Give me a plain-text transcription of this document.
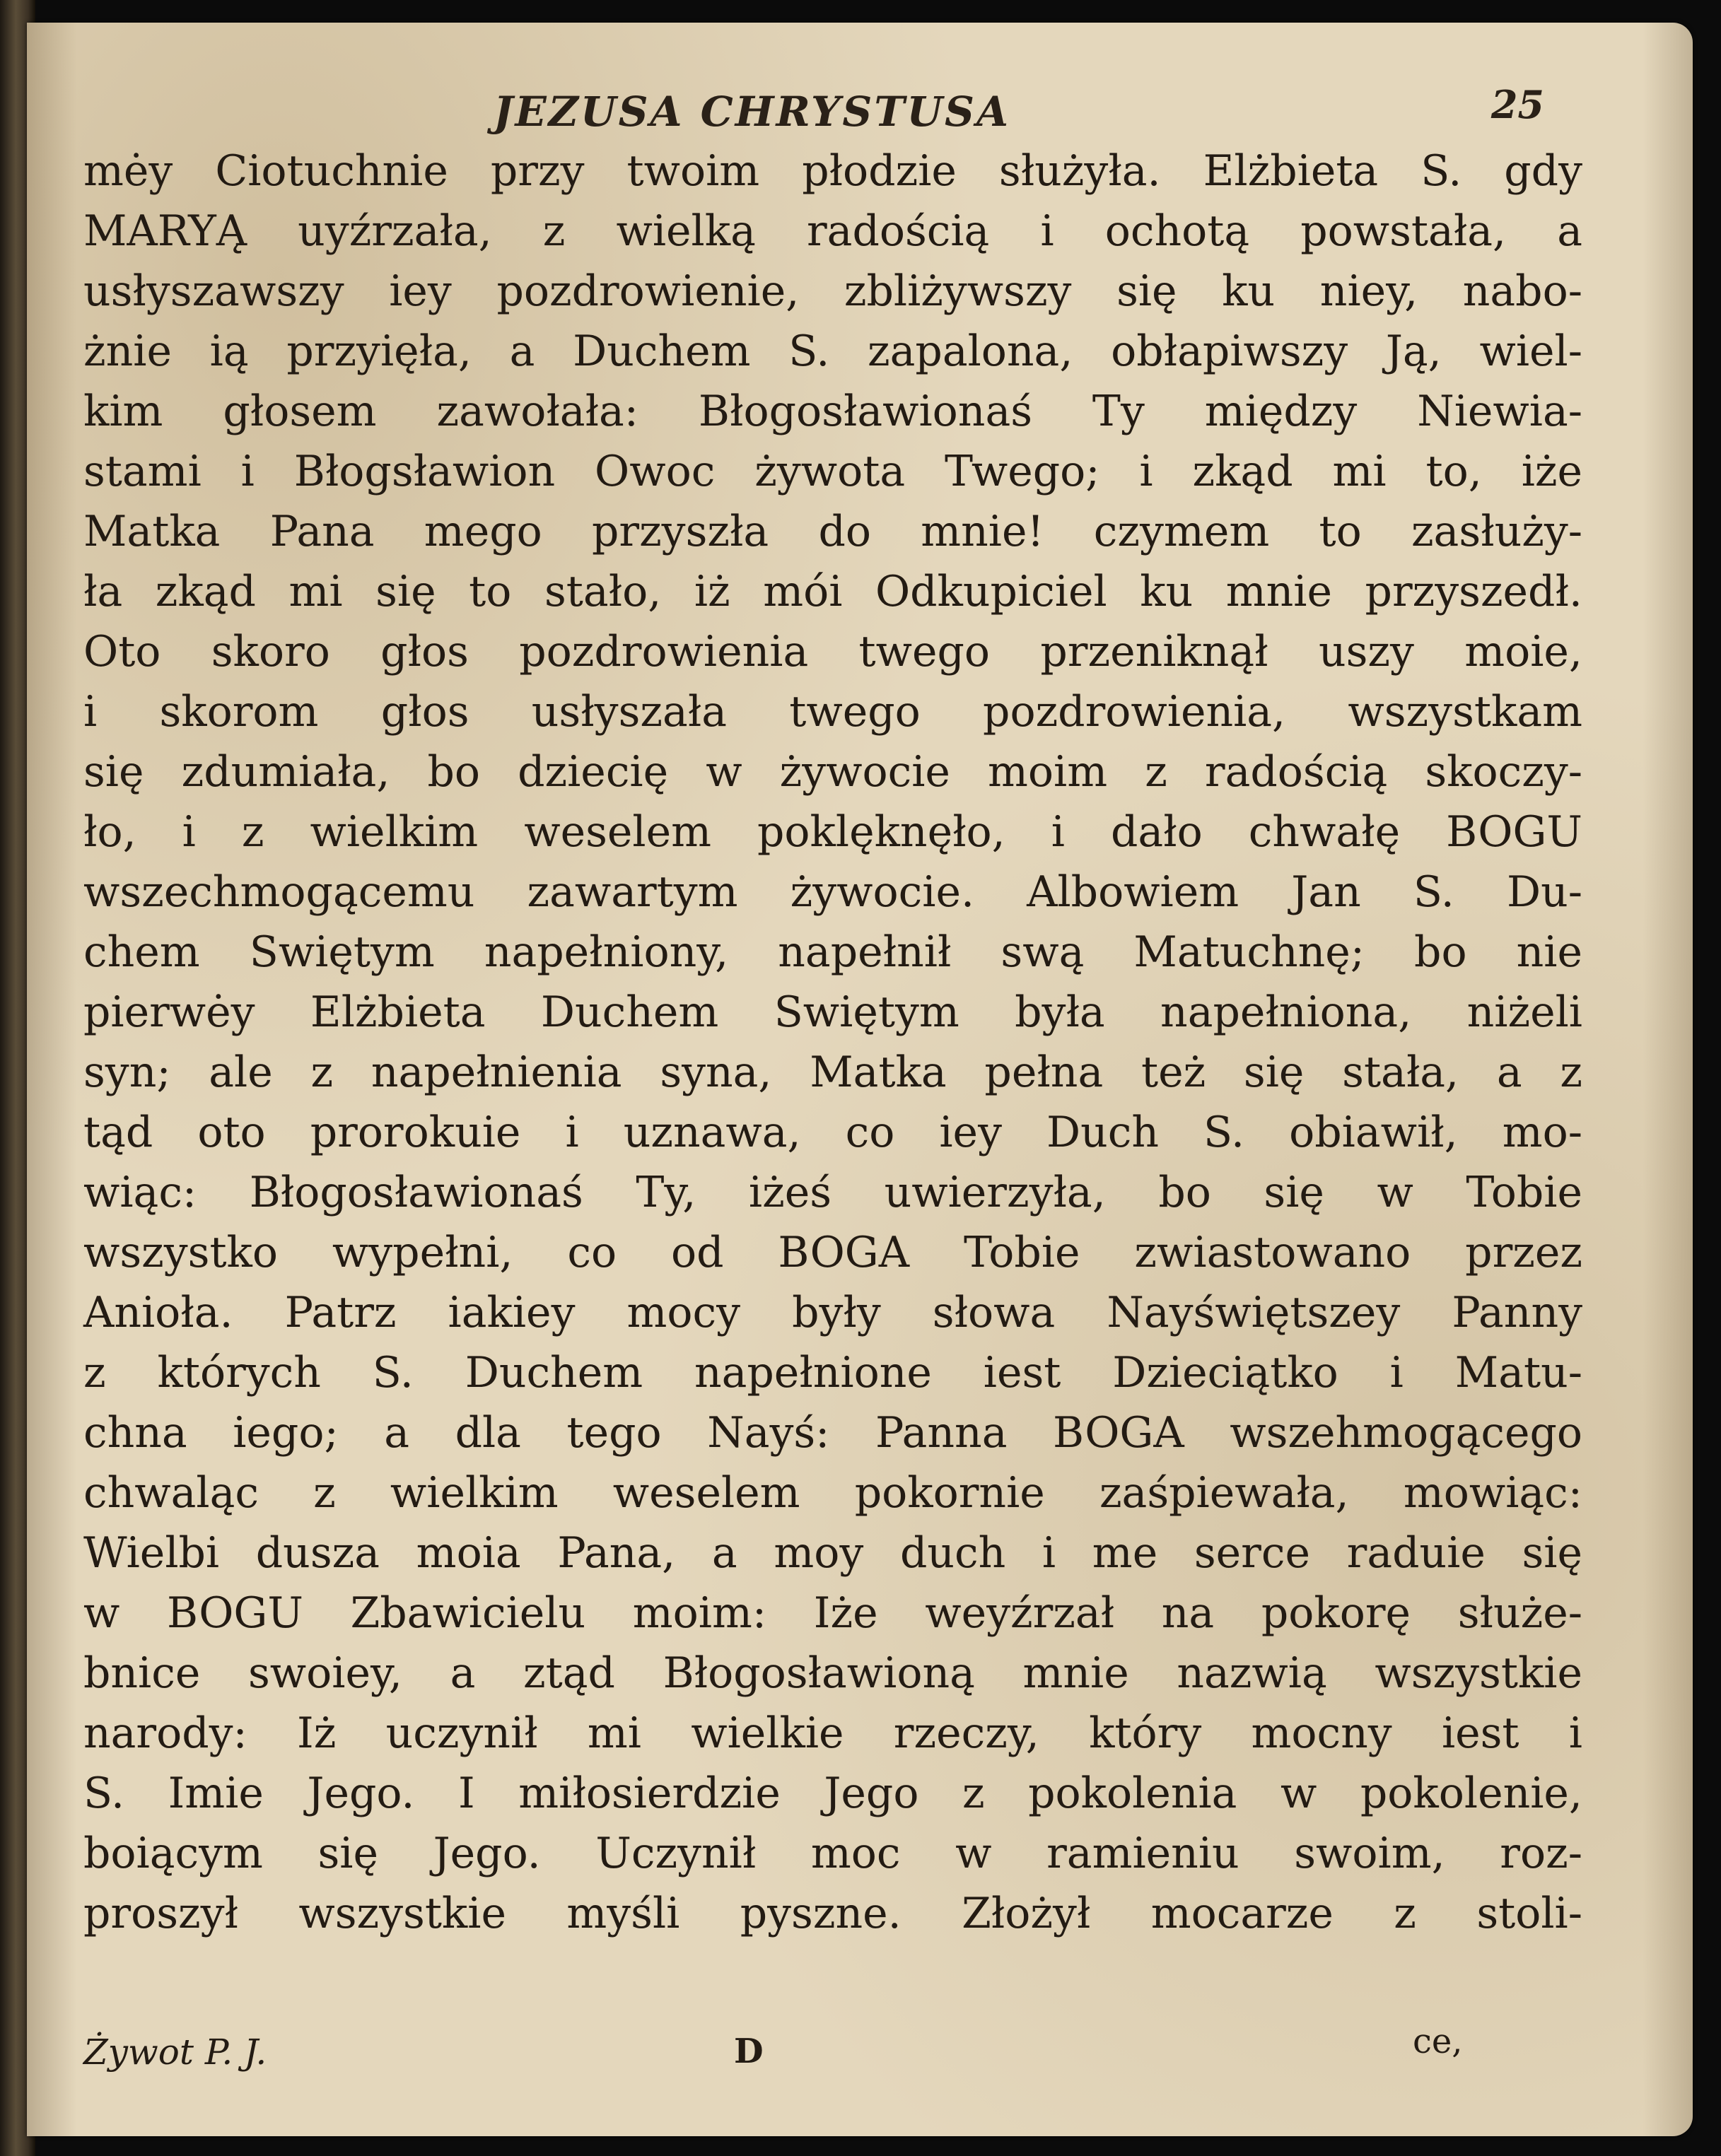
JEZUSA CHRYSTUSA	25
mėy Ciotuchnie przy twoim płodzie służyła. Elżbieta S. gdy
MARYĄ uyźrzała, z wielką radością i ochotą powstała, a
usłyszawszy iey pozdrowienie, zbliżywszy się ku niey, nabo-
żnie ią przyięła, a Duchem S. zapalona, obłapiwszy Ją, wiel-
kim głosem zawołała: Błogosławionaś Ty między Niewia-
stami i Błogsławion Owoc żywota Twego; i zkąd mi to, iże
Matka Pana mego przyszła do mnie! czymem to zasłuży-
ła zkąd mi się to stało, iż mói Odkupiciel ku mnie przyszedł.
Oto skoro głos pozdrowienia twego przeniknął uszy moie,
i skorom głos usłyszała twego pozdrowienia, wszystkam
się zdumiała, bo dziecię w żywocie moim z radością skoczy-
ło, i z wielkim weselem poklęknęło, i dało chwałę BOGU
wszechmogącemu zawartym żywocie. Albowiem Jan S. Du-
chem Swiętym napełniony, napełnił swą Matuchnę; bo nie
pierwėy Elżbieta Duchem Swiętym była napełniona, niżeli
syn; ale z napełnienia syna, Matka pełna też się stała, a z
tąd oto prorokuie i uznawa, co iey Duch S. obiawił, mo-
wiąc: Błogosławionaś Ty, iżeś uwierzyła, bo się w Tobie
wszystko wypełni, co od BOGA Tobie zwiastowano przez
Anioła. Patrz iakiey mocy były słowa Nayświętszey Panny
z których S. Duchem napełnione iest Dzieciątko i Matu-
chna iego; a dla tego Nayś: Panna BOGA wszehmogącego
chwaląc z wielkim weselem pokornie zaśpiewała, mowiąc:
Wielbi dusza moia Pana, a moy duch i me serce raduie się
w BOGU Zbawicielu moim: Iże weyźrzał na pokorę służe-
bnice swoiey, a ztąd Błogosławioną mnie nazwią wszystkie
narody: Iż uczynił mi wielkie rzeczy, który mocny iest i
S. Imie Jego. I miłosierdzie Jego z pokolenia w pokolenie,
boiącym się Jego. Uczynił moc w ramieniu swoim, roz-
proszył wszystkie myśli pyszne. Złożył mocarze z stoli-
Żywot P. J.	D	ce,
